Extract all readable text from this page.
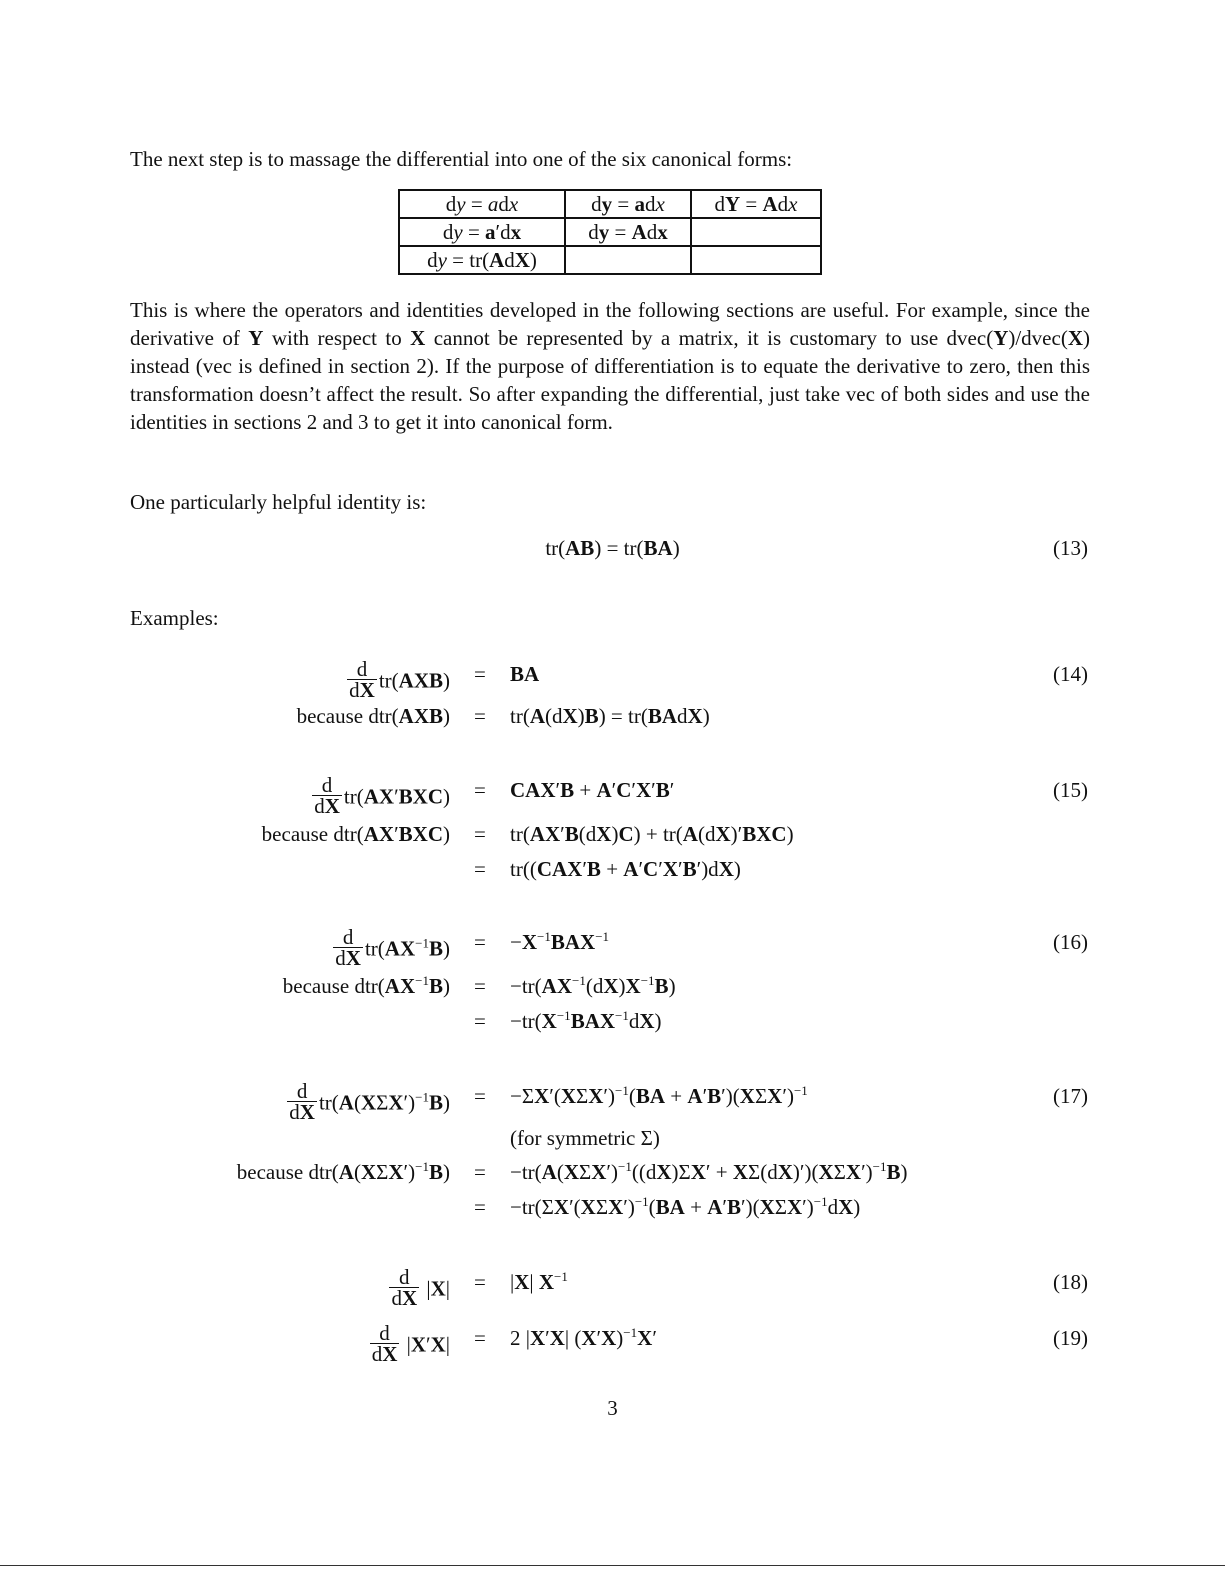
The next step is to massage the differential into one of the six canonical forms:

dy = adx	dy = adx	dY = Adx
dy = a′dx	dy = Adx	
dy = tr(AdX)		

This is where the operators and identities developed in the following sections are useful. For example, since the derivative of Y with respect to X cannot be represented by a matrix, it is customary to use dvec(Y)/dvec(X) instead (vec is defined in section 2). If the purpose of differentiation is to equate the derivative to zero, then this transformation doesn’t affect the result. So after expanding the differential, just take vec of both sides and use the identities in sections 2 and 3 to get it into canonical form.

One particularly helpful identity is:

tr(AB) = tr(BA)	(13)

Examples:

$\frac{d}{dX} tr(AXB)$ = BA	(14)
because dtr(AXB) = tr(A(dX)B) = tr(BAdX)
$\frac{d}{dX} tr(AX'BXC) = CAX'B + A'C'X'B'$	(15)
because dtr(AX′BXC) = tr(AX′B(dX)C) + tr(A(dX)′BXC)
= tr((CAX′B + A′C′X′B′)dX)
$\frac{d}{dX} tr(AX^{-1}B) = -X^{-1}BAX^{-1}$	(16)
because $dtr(AX^{-1}B) = -tr(AX^{-1}(dX)X^{-1}B)$
= $-tr(X^{-1}BAX^{-1}dX)$
$\frac{d}{dX} tr(A(X\Sigma X')^{-1}B) = -\Sigma X'(X\Sigma X')^{-1}(BA + A'B')(X\Sigma X')^{-1}$	(17)
(for symmetric Σ)
because $dtr(A(X\Sigma X')^{-1}B) = -tr(A(X\Sigma X')^{-1}((dX)\Sigma X' + X\Sigma(dX)')(X\Sigma X')^{-1}B)$
= $-tr(\Sigma X'(X\Sigma X')^{-1}(BA + A'B')(X\Sigma X')^{-1}dX)$
$\frac{d}{dX} |X| = |X|$ $X^{-1}$	(18)
$\frac{d}{dX} |X'X| = 2$ |X′X| $(X'X)^{-1}X'$	(19)
3
